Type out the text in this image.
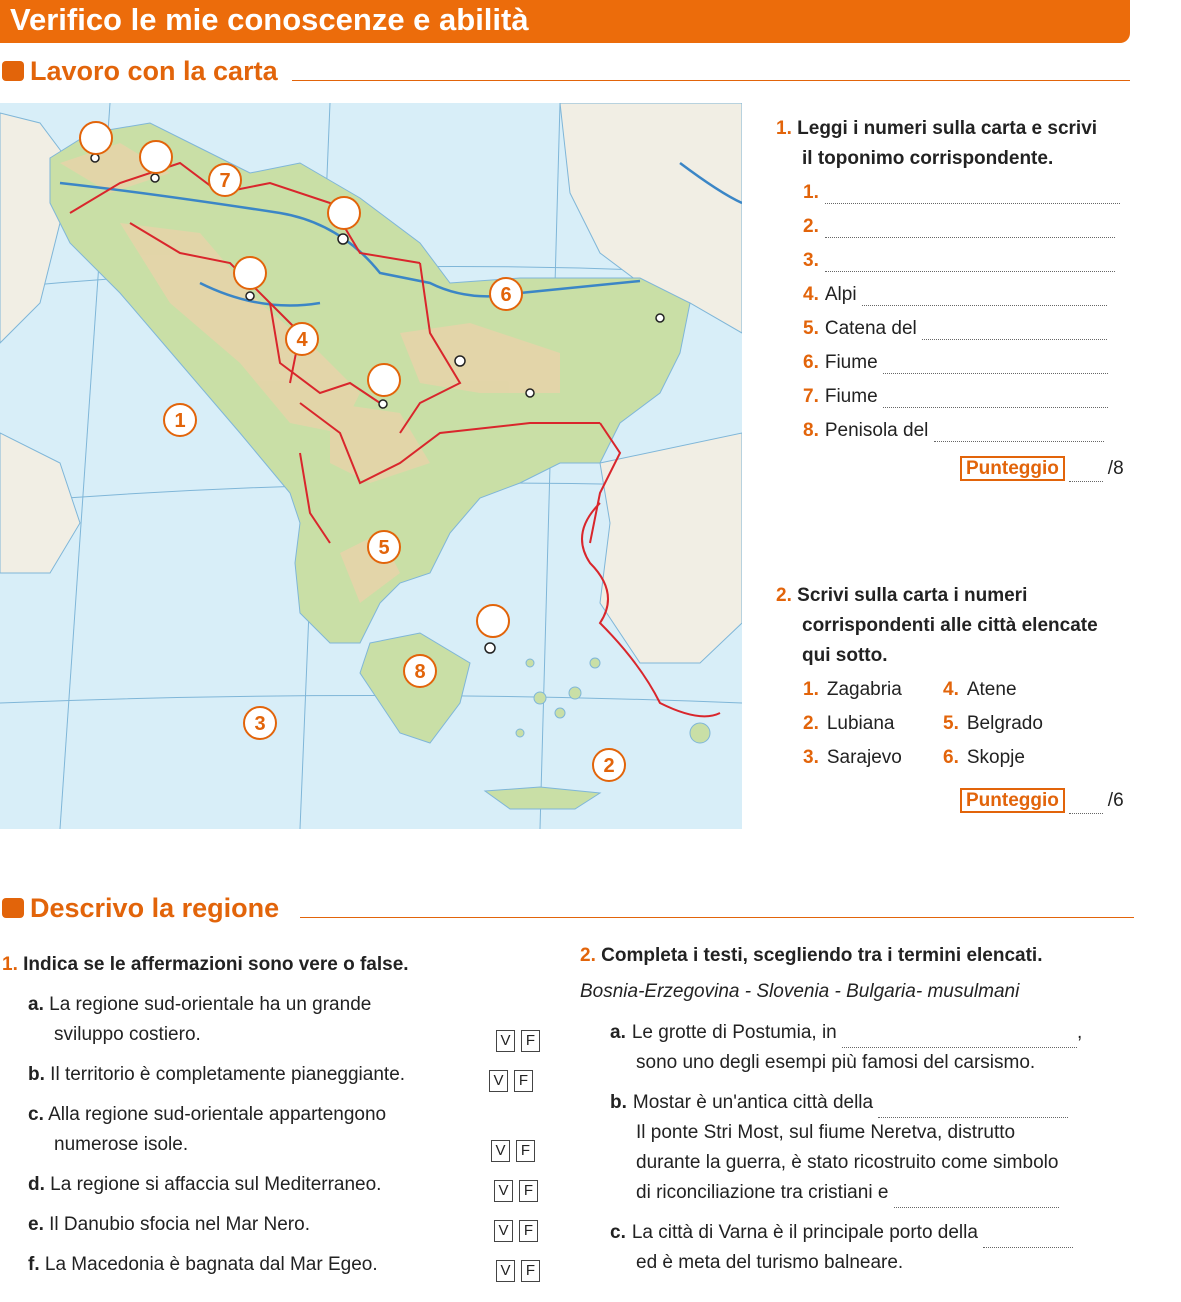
Verifico le mie conoscenze e abilità
Lavoro con la carta
1
2
3
4
5
6
7
8
1. Leggi i numeri sulla carta e scrivi
il toponimo corrispondente.
1.
2.
3.
4. Alpi
5. Catena del
6. Fiume
7. Fiume
8. Penisola del
Punteggio	/8
2. Scrivi sulla carta i numeri
corrispondenti alle città elencate
qui sotto.
1. Zagabria 4. Atene
2. Lubiana	5. Belgrado
3. Sarajevo 6. Skopje
Punteggio	/6
Descrivo la regione
1. Indica se le affermazioni sono vere o false.
a. La regione sud-orientale ha un grande
sviluppo costiero.	V F
b. Il territorio è completamente pianeggiante.	V F
c. Alla regione sud-orientale appartengono
numerose isole.	V F
d. La regione si affaccia sul Mediterraneo.	V F
e. Il Danubio sfocia nel Mar Nero.	V F
f. La Macedonia è bagnata dal Mar Egeo.	V F
2. Completa i testi, scegliendo tra i termini elencati.
Bosnia-Erzegovina - Slovenia - Bulgaria- musulmani
a. Le grotte di Postumia, in	,
sono uno degli esempi più famosi del carsismo.
b. Mostar è un'antica città della
Il ponte Stri Most, sul fiume Neretva, distrutto
durante la guerra, è stato ricostruito come simbolo
di riconciliazione tra cristiani e
c. La città di Varna è il principale porto della
ed è meta del turismo balneare.
